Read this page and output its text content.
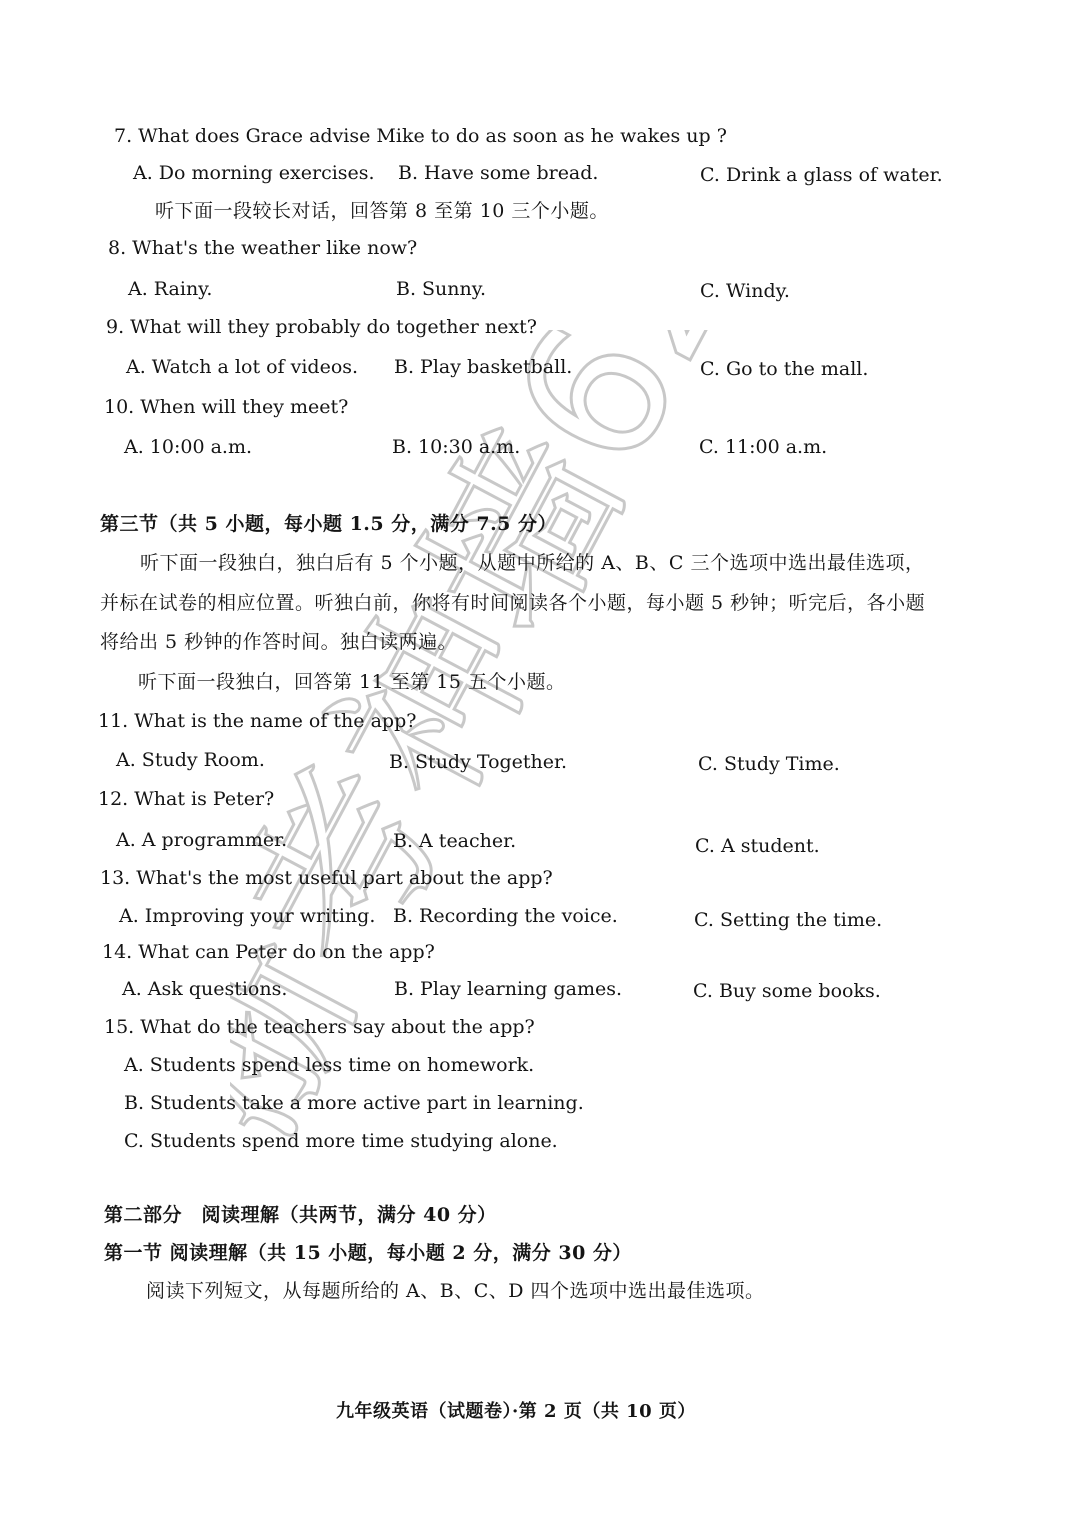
浙考神墙620
7. What does Grace advise Mike to do as soon as he wakes up ?
A. Do morning exercises. B. Have some bread.	C. Drink a glass of water.
听下面一段较长对话，回答第 8 至第 10 三个小题。
8. What's the weather like now?
A. Rainy.	B. Sunny.	C. Windy.
9. What will they probably do together next?
A. Watch a lot of videos. B. Play basketball.	C. Go to the mall.
10. When will they meet?
A. 10:00 a.m.	B. 10:30 a.m.	C. 11:00 a.m.
第三节（共 5 小题，每小题 1.5 分，满分 7.5 分）
听下面一段独白，独白后有 5 个小题，从题中所给的 A、B、C 三个选项中选出最佳选项，
并标在试卷的相应位置。听独白前，你将有时间阅读各个小题，每小题 5 秒钟；听完后，各小题
将给出 5 秒钟的作答时间。独白读两遍。
听下面一段独白，回答第 11 至第 15 五个小题。
11. What is the name of the app?
A. Study Room.	B. Study Together.	C. Study Time.
12. What is Peter?
A. A programmer.	B. A teacher.	C. A student.
13. What's the most useful part about the app?
A. Improving your writing. B. Recording the voice.	C. Setting the time.
14. What can Peter do on the app?
A. Ask questions.	B. Play learning games.	C. Buy some books.
15. What do the teachers say about the app?
A. Students spend less time on homework.
B. Students take a more active part in learning.
C. Students spend more time studying alone.
第二部分　阅读理解（共两节，满分 40 分）
第一节 阅读理解（共 15 小题，每小题 2 分，满分 30 分）
阅读下列短文，从每题所给的 A、B、C、D 四个选项中选出最佳选项。
九年级英语（试题卷）·第 2 页（共 10 页）
